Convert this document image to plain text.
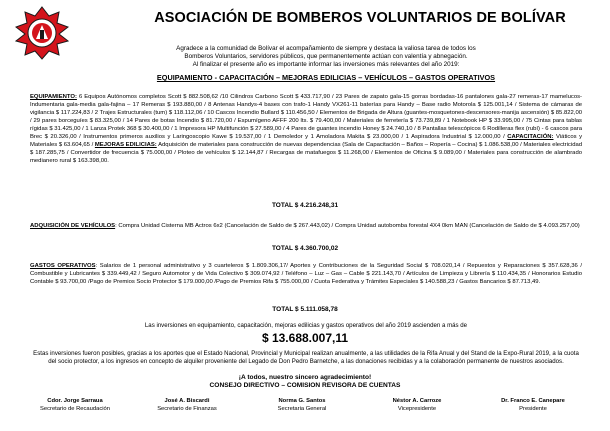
ASOCIACIÓN DE BOMBEROS VOLUNTARIOS DE BOLÍVAR
Agradece a la comunidad de Bolívar el acompañamiento de siempre y destaca la valiosa tarea de todos los
Bomberos Voluntarios, servidores públicos, que permanentemente actúan con valentía y abnegación.
Al finalizar el presente año es importante informar las inversiones más relevantes del año 2019:
EQUIPAMIENTO - CAPACITACIÓN – MEJORAS EDILICIAS – VEHÍCULOS – GASTOS OPERATIVOS
EQUIPAMIENTO: 6 Equipos Autónomos completos Scott $ 882.508,62 /10 Cilindros Carbono Scott $ 433.717,90 / 23 Pares de zapato gala-15 gorras bordadas-16 pantalones gala-27 remeras-17 mamelucos- Indumentaria gala-media gala-fajina – 17 Remeras $ 193.880,00 / 8 Antenas Handys-4 bases con trafo-1 Handy VX261-11 baterías para Handy – Base radio Motorola $ 125.001,14 / Sistema de cámaras de vigilancia $ 117.224,83 / 2 Trajes Estructurales (tum) $ 118.112,06 / 10 Cascos Incendio Bullard $ 110.456,50 / Elementos de Brigada de Altura (guantes-mosquetones-descensores-manija ascensión) $ 85.822,00 / 29 pares borceguíes $ 83.325,00 / 14 Pares de botas Incendio $ 81.720,00 / Espumígeno AFFF 200 lts. $ 79.400,00 / Materiales de ferretería $ 73.739,89 / 1 Notebook HP $ 33.995,00 / 75 Cintas para tablas rígidas $ 31.425,00 / 1 Lanza Protek 368 $ 30.400,00 / 1 Impresora HP Multifunción $ 27.589,00 / 4 Pares de guantes incendio Honey $ 24.740,10 / 8 Pantallas telescópicos 6 Rodilleras flex (rubí) - 6 cascos para Brec $ 20.326,00 / Instrumentos primeros auxilios y Laringoscopio Kawe $ 19.537,00 / 1 Demoledor y 1 Amoladora Makita $ 23.000,00 / 1 Aspiradora Industrial $ 12.000,00 / CAPACITACIÓN: Viáticos y Materiales $ 63.604,65 / MEJORAS EDILICIAS: Adquisición de materiales para construcción de nuevas dependencias (Sala de Capacitación – Baños – Ropería – Cocina) $ 1.086.538,00 / Materiales electricidad $ 187.285,75 / Convertidor de frecuencia $ 75.000,00 / Ploteo de vehículos $ 12.144,87 / Recargas de matafuegos $ 11.268,00 / Elementos de Oficina $ 9.089,00 / Materiales para construcción de alambrado medianero rural $ 163.398,00.
TOTAL $ 4.216.248,31
ADQUISICIÓN DE VEHÍCULOS: Compra Unidad Cisterna MB Actros 6x2 (Cancelación de Saldo de $ 267.443,02) / Compra Unidad autobomba forestal 4X4 0km MAN (Cancelación de Saldo de $ 4.093.257,00)
TOTAL $ 4.360.700,02
GASTOS OPERATIVOS: Salarios de 1 personal administrativo y 3 cuarteleros $ 1.809.306,17/ Aportes y Contribuciones de la Seguridad Social $ 708.020,14 / Repuestos y Reparaciones $ 357.628,36 / Combustible y Lubricantes $ 339.449,42 / Seguro Automotor y de Vida Colectivo $ 309.074,92 / Teléfono – Luz – Gas – Cable $ 221.143,70 / Artículos de Limpieza y Librería $ 110.434,35 / Honorarios Estudio Contable $ 93.700,00 /Pago de Premios Socio Protector $ 179.000,00 /Pago de Premios Rifa $ 755.000,00 / Cuota Federativa y Trámites Especiales $ 140.588,23 / Gastos Bancarios $ 87.713,49.
TOTAL $ 5.111.058,78
Las inversiones en equipamiento, capacitación, mejoras edilicias y gastos operativos del año 2019 ascienden a más de
$ 13.688.007,11
Estas inversiones fueron posibles, gracias a los aportes que el Estado Nacional, Provincial y Municipal realizan anualmente, a las utilidades de la Rifa Anual y del Stand de la Expo-Rural 2019, a la cuota del socio protector, a los ingresos en concepto de alquiler proveniente del Legado de Don Pedro Barnetche, a las donaciones recibidas y a la colaboración permanente de nuestros asociados.
¡A todos, nuestro sincero agradecimiento!
CONSEJO DIRECTIVO – COMISION REVISORA DE CUENTAS
Cdor. Jorge Sarraua
Secretario de Recaudación
José A. Biscardi
Secretario de Finanzas
Norma G. Santos
Secretaria General
Néstor A. Carroze
Vicepresidente
Dr. Franco E. Canepare
Presidente
